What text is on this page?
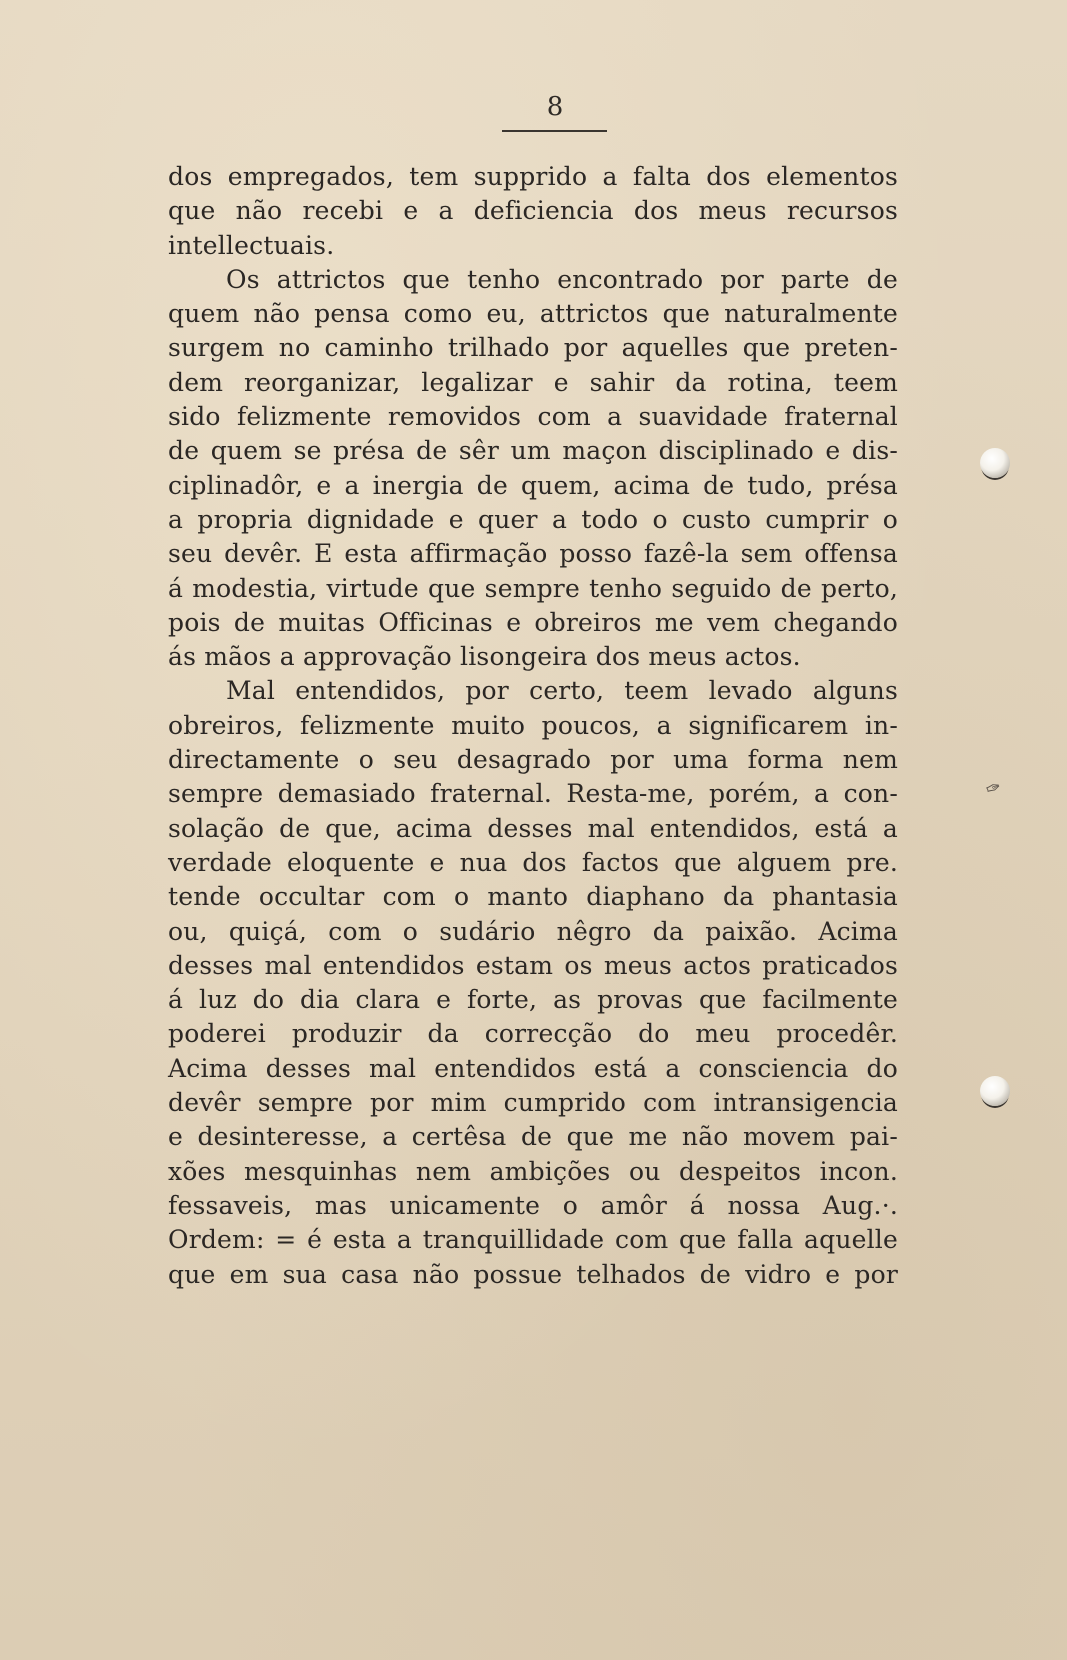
8
dos empregados, tem supprido a falta dos elementos
que não recebi e a deficiencia dos meus recursos
intellectuais.
Os attrictos que tenho encontrado por parte de
quem não pensa como eu, attrictos que naturalmente
surgem no caminho trilhado por aquelles que preten-
dem reorganizar, legalizar e sahir da rotina, teem
sido felizmente removidos com a suavidade fraternal
de quem se présa de sêr um maçon disciplinado e dis-
ciplinadôr, e a inergia de quem, acima de tudo, présa
a propria dignidade e quer a todo o custo cumprir o
seu devêr. E esta affirmação posso fazê-la sem offensa
á modestia, virtude que sempre tenho seguido de perto,
pois de muitas Officinas e obreiros me vem chegando
ás mãos a approvação lisongeira dos meus actos.
Mal entendidos, por certo, teem levado alguns
obreiros, felizmente muito poucos, a significarem in-
directamente o seu desagrado por uma forma nem
sempre demasiado fraternal. Resta-me, porém, a con-
solação de que, acima desses mal entendidos, está a
verdade eloquente e nua dos factos que alguem pre.
tende occultar com o manto diaphano da phantasia
ou, quiçá, com o sudário nêgro da paixão. Acima
desses mal entendidos estam os meus actos praticados
á luz do dia clara e forte, as provas que facilmente
poderei produzir da correcção do meu procedêr.
Acima desses mal entendidos está a consciencia do
devêr sempre por mim cumprido com intransigencia
e desinteresse, a certêsa de que me não movem pai-
xões mesquinhas nem ambições ou despeitos incon.
fessaveis, mas unicamente o amôr á nossa Aug.·.
Ordem: = é esta a tranquillidade com que falla aquelle
que em sua casa não possue telhados de vidro e por
✑
